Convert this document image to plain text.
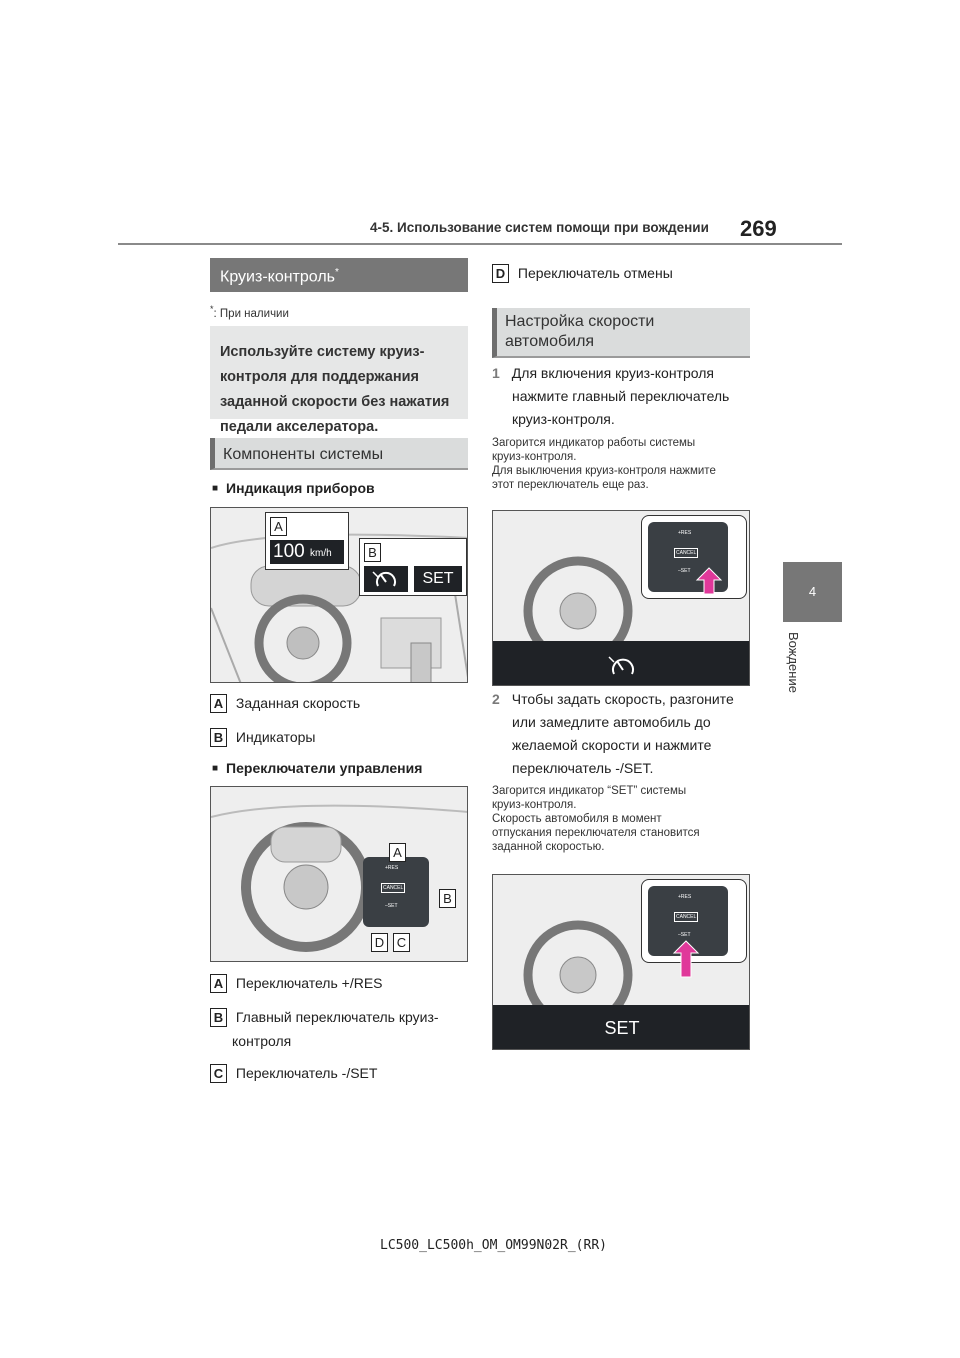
4-5. Использование систем помощи при вождении 269
4
Вождение
Круиз-контроль*
*: При наличии
Используйте систему круиз-
контроля для поддержания
заданной скорости без нажатия
педали акселератора.
Компоненты системы
■ Индикация приборов
A
100 km/h	B
SET
A Заданная скорость
B Индикаторы
■ Переключатели управления
+RES
CANCEL
–SET
A
B
D C
A Переключатель +/RES
B Главный переключатель круиз-
контроля
C Переключатель -/SET
D Переключатель отмены
Настройка скорости
автомобиля
1 Для включения круиз-контроля
нажмите главный переключатель
круиз-контроля.
Загорится индикатор работы системы
круиз-контроля.
Для выключения круиз-контроля нажмите
этот переключатель еще раз.
+RES
CANCEL
–SET
2 Чтобы задать скорость, разгоните
или замедлите автомобиль до
желаемой скорости и нажмите
переключатель -/SET.
Загорится индикатор “SET” системы
круиз-контроля.
Скорость автомобиля в момент
отпускания переключателя становится
заданной скоростью.
+RES
CANCEL
–SET
SET
LC500_LC500h_OM_OM99N02R_(RR)
